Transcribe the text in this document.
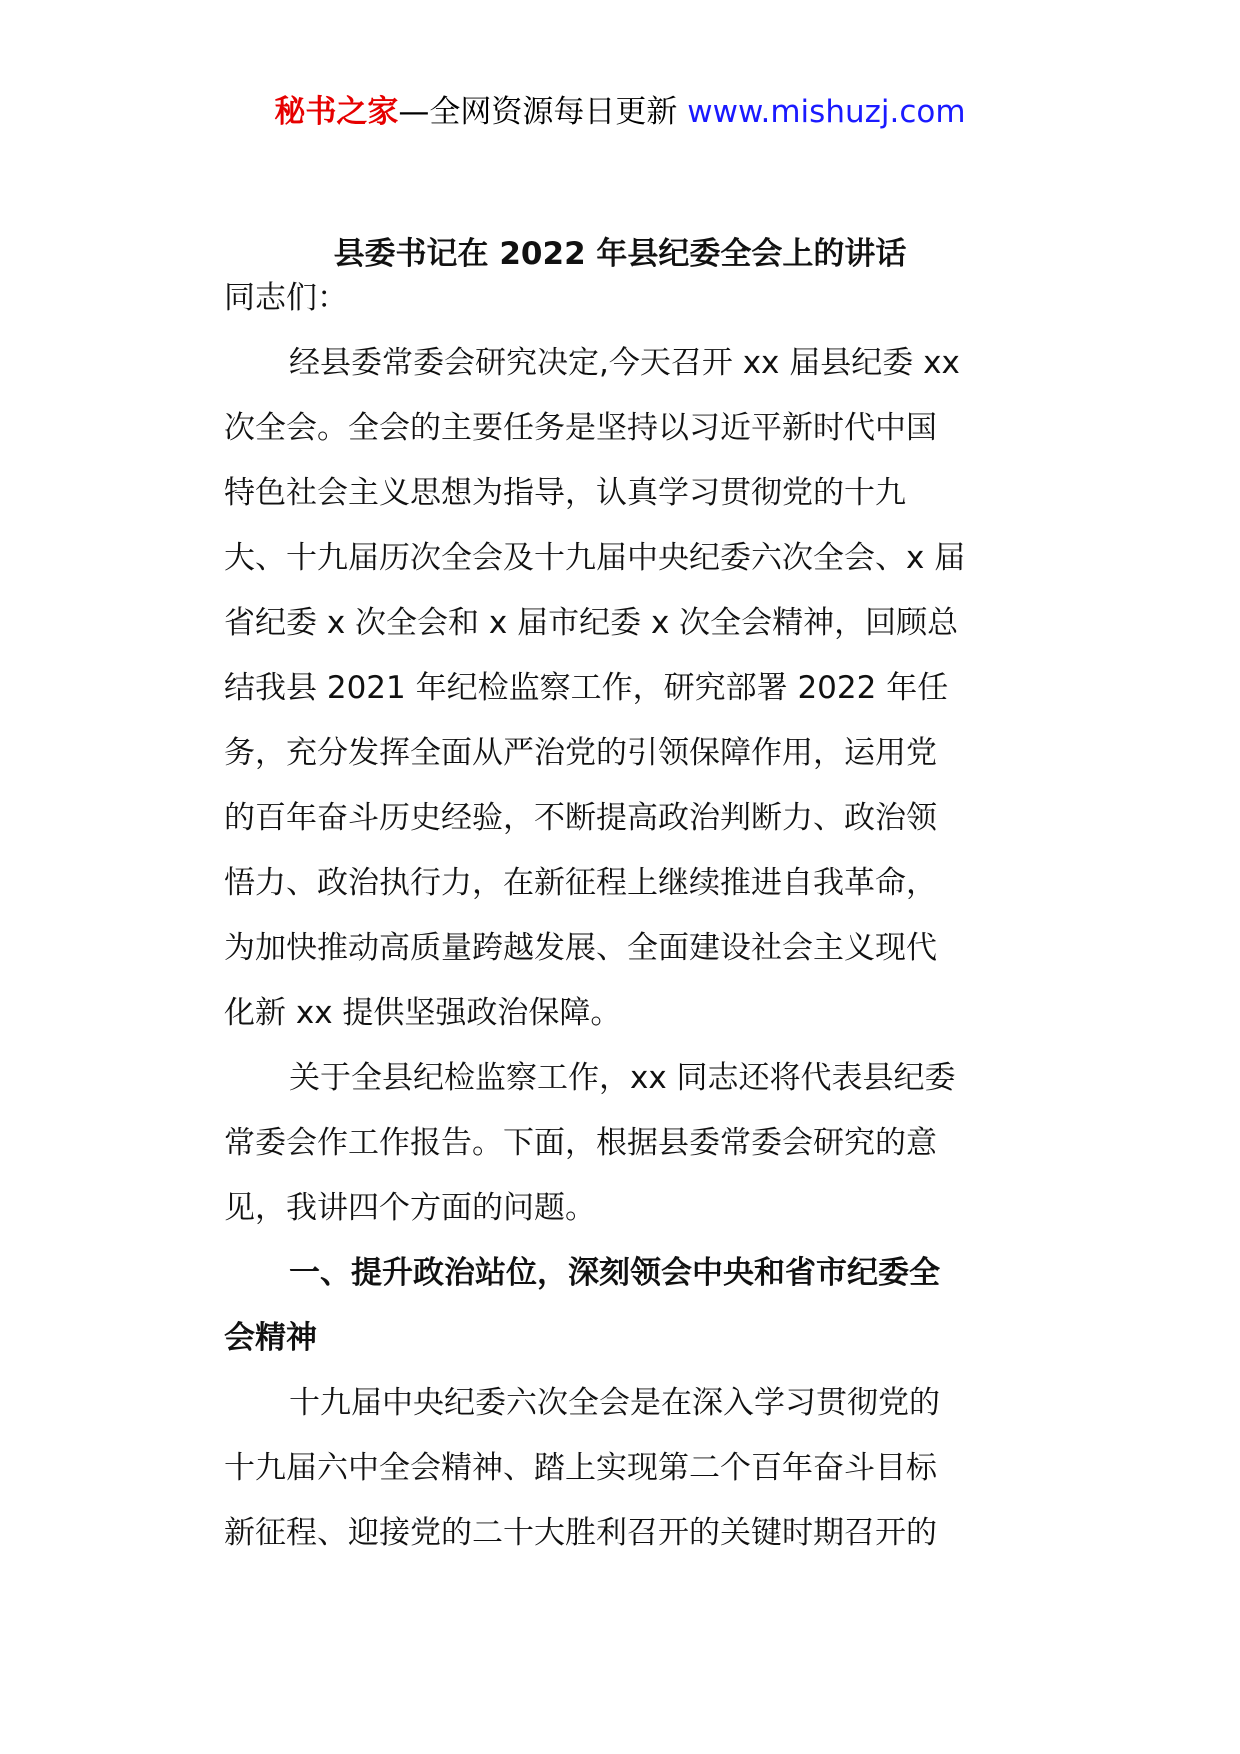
秘书之家—全网资源每日更新 www.mishuzj.com
县委书记在 2022 年县纪委全会上的讲话
同志们：
经县委常委会研究决定,今天召开 xx 届县纪委 xx
次全会。全会的主要任务是坚持以习近平新时代中国
特色社会主义思想为指导，认真学习贯彻党的十九
大、十九届历次全会及十九届中央纪委六次全会、x 届
省纪委 x 次全会和 x 届市纪委 x 次全会精神，回顾总
结我县 2021 年纪检监察工作，研究部署 2022 年任
务，充分发挥全面从严治党的引领保障作用，运用党
的百年奋斗历史经验，不断提高政治判断力、政治领
悟力、政治执行力，在新征程上继续推进自我革命，
为加快推动高质量跨越发展、全面建设社会主义现代
化新 xx 提供坚强政治保障。
关于全县纪检监察工作，xx 同志还将代表县纪委
常委会作工作报告。下面，根据县委常委会研究的意
见，我讲四个方面的问题。
一、提升政治站位，深刻领会中央和省市纪委全
会精神
十九届中央纪委六次全会是在深入学习贯彻党的
十九届六中全会精神、踏上实现第二个百年奋斗目标
新征程、迎接党的二十大胜利召开的关键时期召开的
